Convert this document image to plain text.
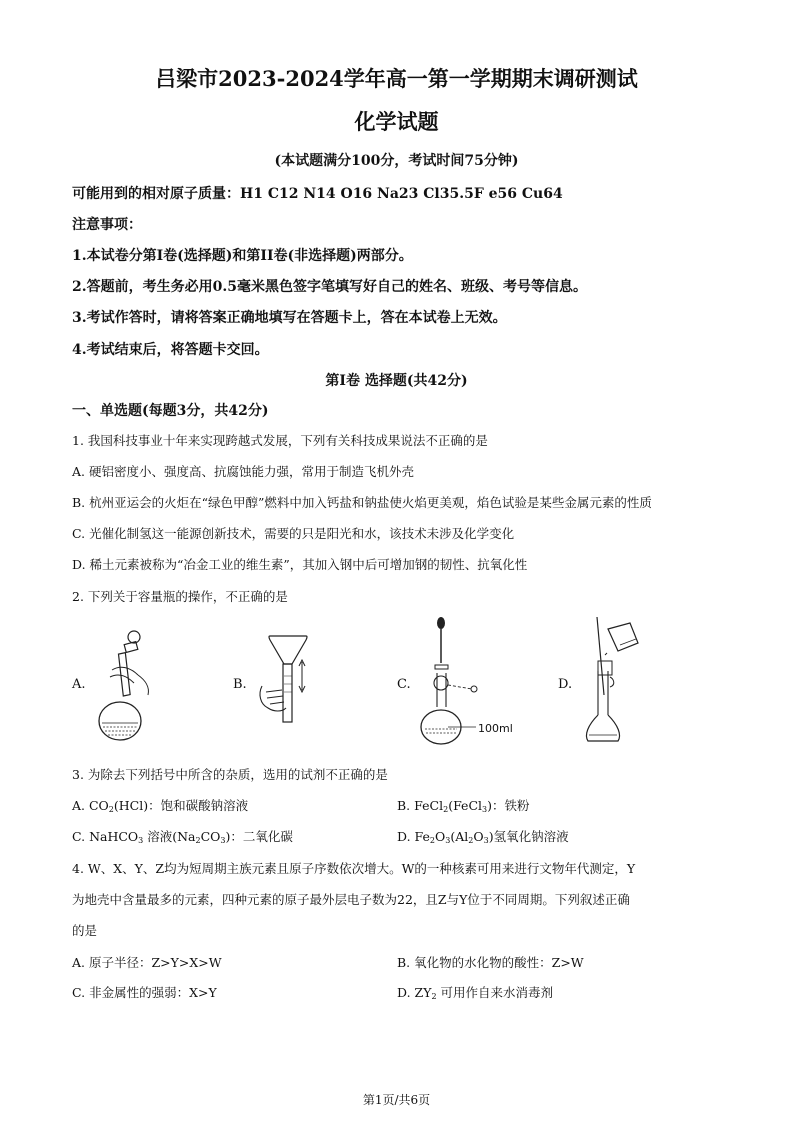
吕梁市2023-2024学年高一第一学期期末调研测试
化学试题
(本试题满分100分，考试时间75分钟)
可能用到的相对原子质量：H1 C12 N14 O16 Na23 Cl35.5F e56 Cu64
注意事项：
1.本试卷分第I卷(选择题)和第II卷(非选择题)两部分。
2.答题前，考生务必用0.5毫米黑色签字笔填写好自己的姓名、班级、考号等信息。
3.考试作答时，请将答案正确地填写在答题卡上，答在本试卷上无效。
4.考试结束后，将答题卡交回。
第I卷 选择题(共42分)
一、单选题(每题3分，共42分)
1. 我国科技事业十年来实现跨越式发展，下列有关科技成果说法不正确的是
A. 硬铝密度小、强度高、抗腐蚀能力强，常用于制造飞机外壳
B. 杭州亚运会的火炬在“绿色甲醇”燃料中加入钙盐和钠盐使火焰更美观，焰色试验是某些金属元素的性质
C. 光催化制氢这一能源创新技术，需要的只是阳光和水，该技术未涉及化学变化
D. 稀土元素被称为“冶金工业的维生素”，其加入钢中后可增加钢的韧性、抗氧化性
2. 下列关于容量瓶的操作，不正确的是
A.	B.	C.	D.
100ml
3. 为除去下列括号中所含的杂质，选用的试剂不正确的是
A. $CO_2(HCl)$：饱和碳酸钠溶液	B. FeCl$_2$(FeCl$_3$)：铁粉
C. NaHCO$_3$ 溶液$(Na_2CO_3)$：二氧化碳	D. $Fe_2O_3(Al_2O_3)$氢氧化钠溶液
4. W、X、Y、Z均为短周期主族元素且原子序数依次增大。W的一种核素可用来进行文物年代测定，Y
为地壳中含量最多的元素，四种元素的原子最外层电子数为22，且Z与Y位于不同周期。下列叙述正确
的是
A. 原子半径：Z>Y>X>W	B. 氧化物的水化物的酸性：Z>W
C. 非金属性的强弱：X>Y	D. $ZY_2$ 可用作自来水消毒剂
第1页/共6页
